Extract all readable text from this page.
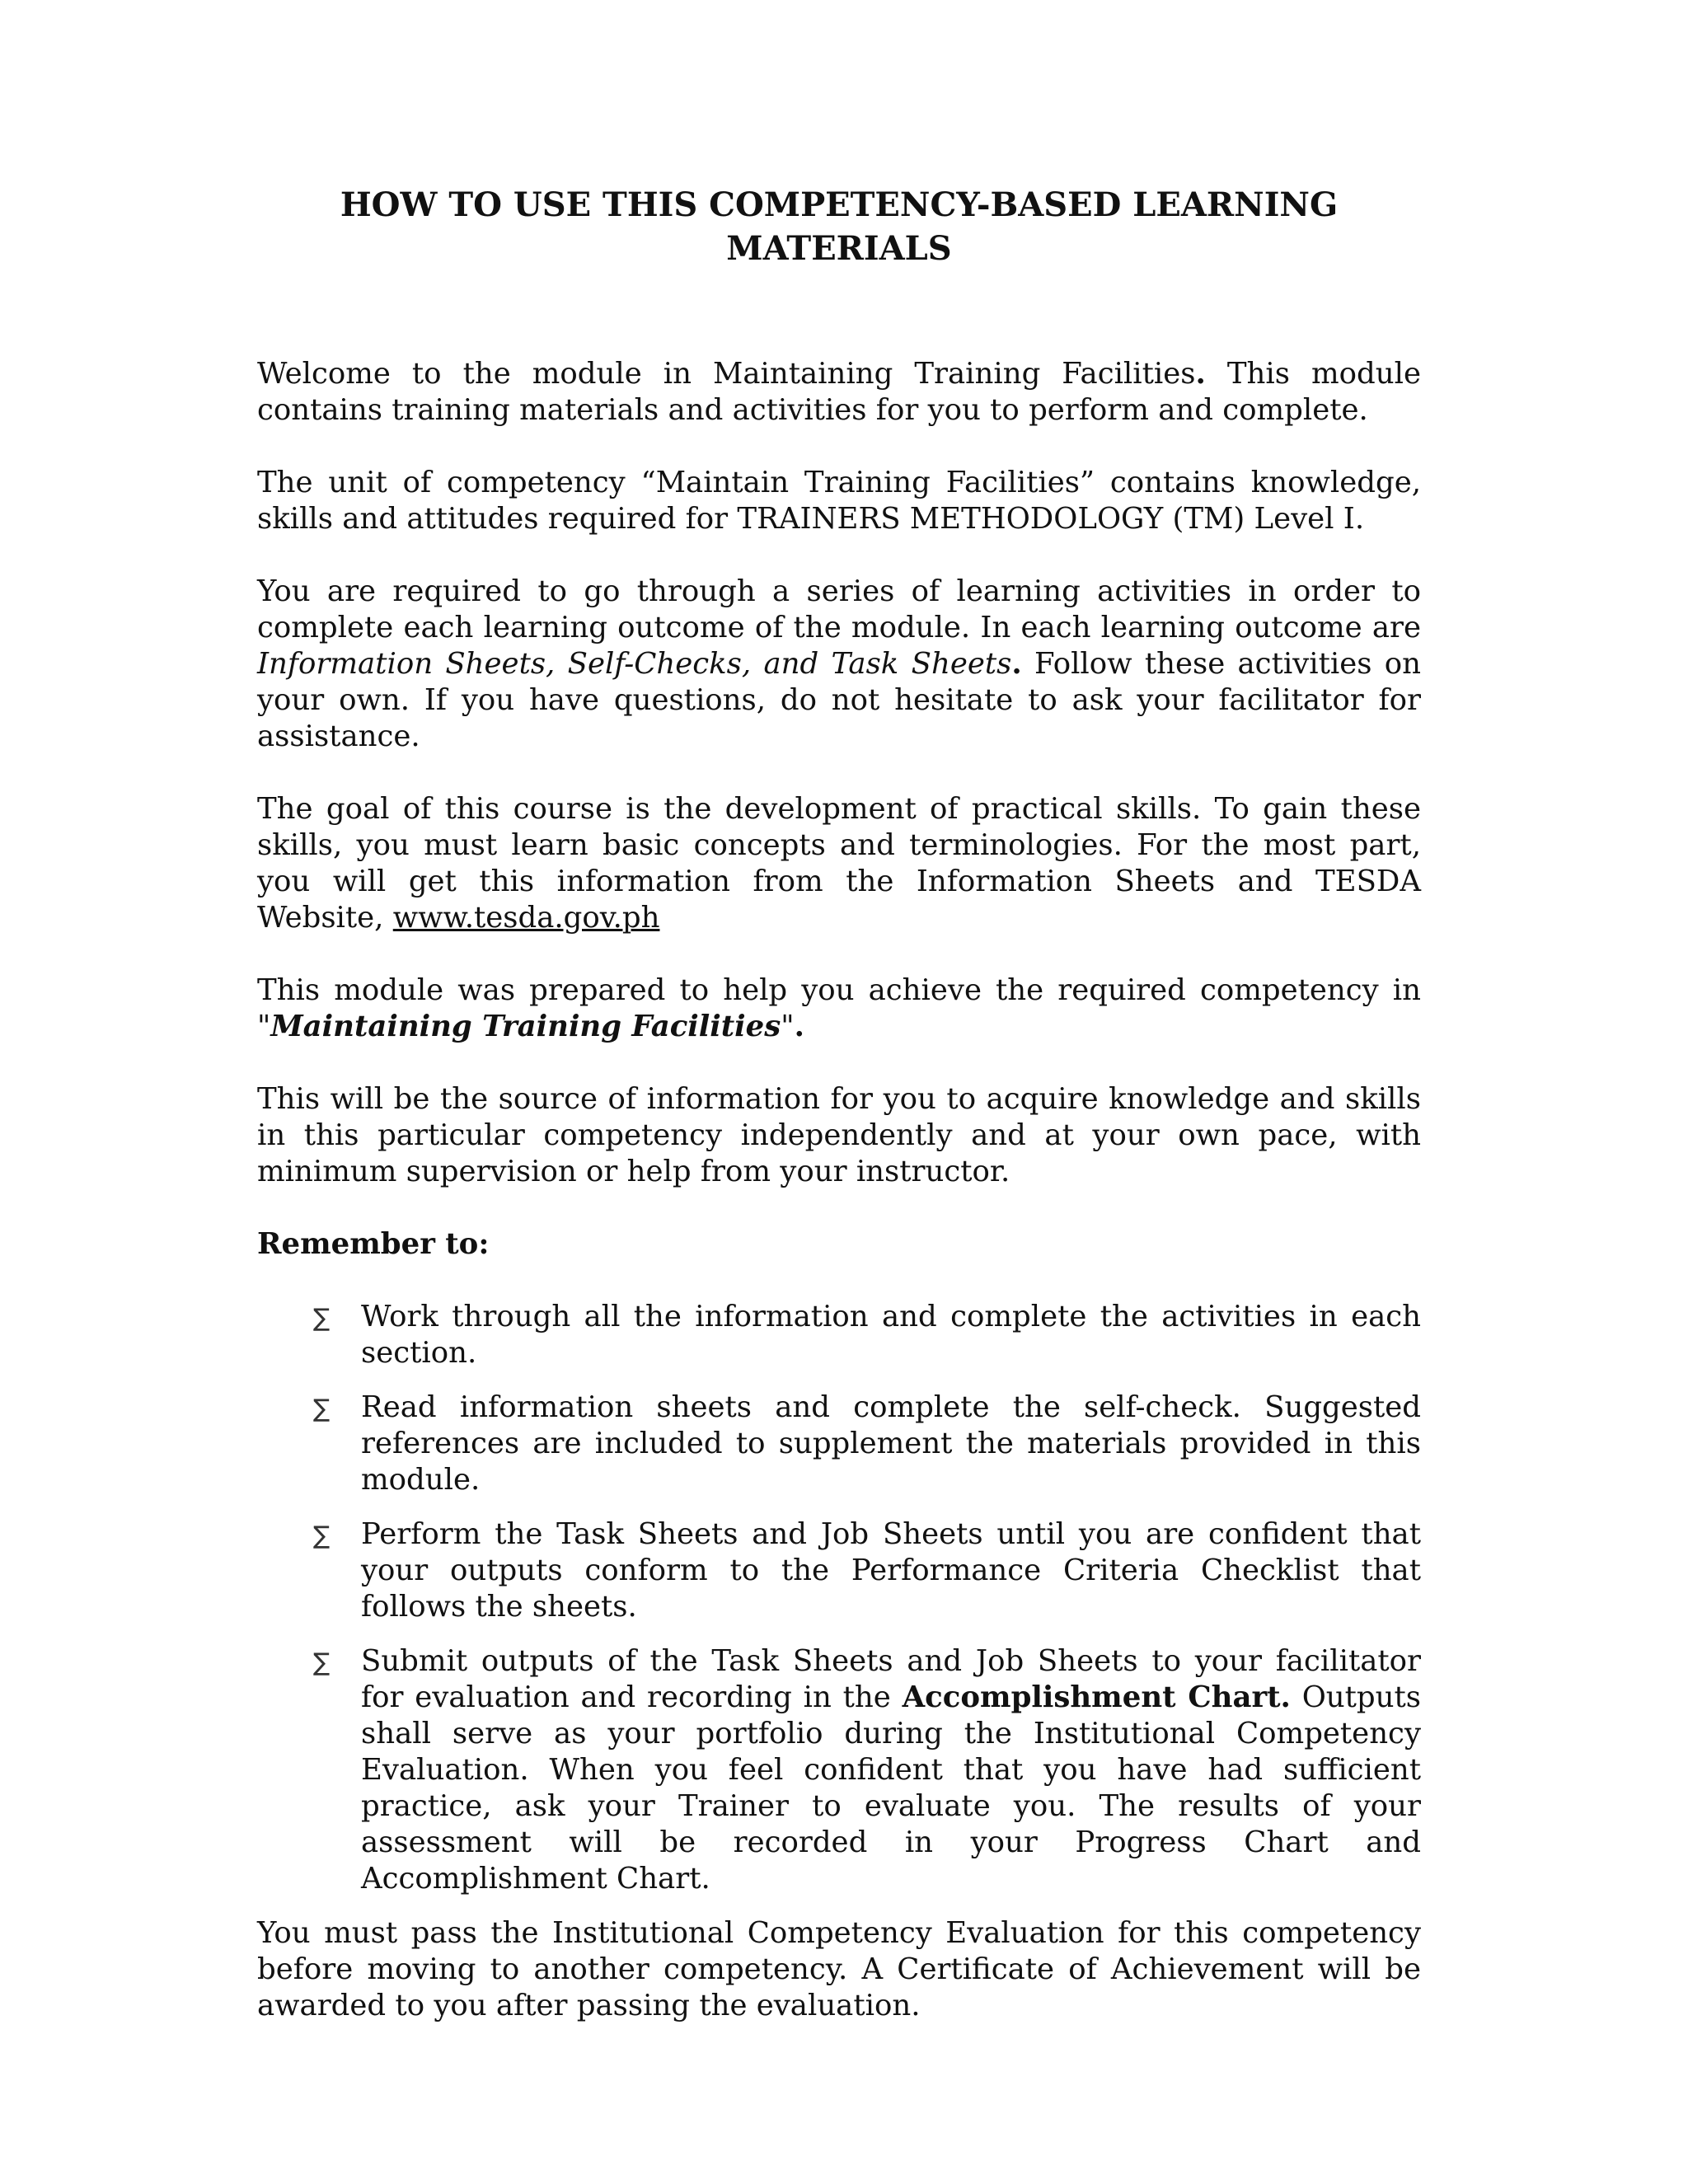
HOW TO USE THIS COMPETENCY-BASED LEARNING
MATERIALS

Welcome to the module in Maintaining Training Facilities. This module contains training materials and activities for you to perform and complete.

The unit of competency “Maintain Training Facilities” contains knowledge, skills and attitudes required for TRAINERS METHODOLOGY (TM) Level I.

You are required to go through a series of learning activities in order to complete each learning outcome of the module. In each learning outcome are Information Sheets, Self-Checks, and Task Sheets. Follow these activities on your own. If you have questions, do not hesitate to ask your facilitator for assistance.

The goal of this course is the development of practical skills. To gain these skills, you must learn basic concepts and terminologies. For the most part, you will get this information from the Information Sheets and TESDA Website, www.tesda.gov.ph

This module was prepared to help you achieve the required competency in "Maintaining Training Facilities".

This will be the source of information for you to acquire knowledge and skills in this particular competency independently and at your own pace, with minimum supervision or help from your instructor.

Remember to:

∑ Work through all the information and complete the activities in each section.
∑ Read information sheets and complete the self-check. Suggested references are included to supplement the materials provided in this module.
∑ Perform the Task Sheets and Job Sheets until you are confident that your outputs conform to the Performance Criteria Checklist that follows the sheets.
∑ Submit outputs of the Task Sheets and Job Sheets to your facilitator for evaluation and recording in the Accomplishment Chart. Outputs shall serve as your portfolio during the Institutional Competency Evaluation. When you feel confident that you have had sufficient practice, ask your Trainer to evaluate you. The results of your assessment will be recorded in your Progress Chart and Accomplishment Chart.

You must pass the Institutional Competency Evaluation for this competency before moving to another competency. A Certificate of Achievement will be awarded to you after passing the evaluation.
